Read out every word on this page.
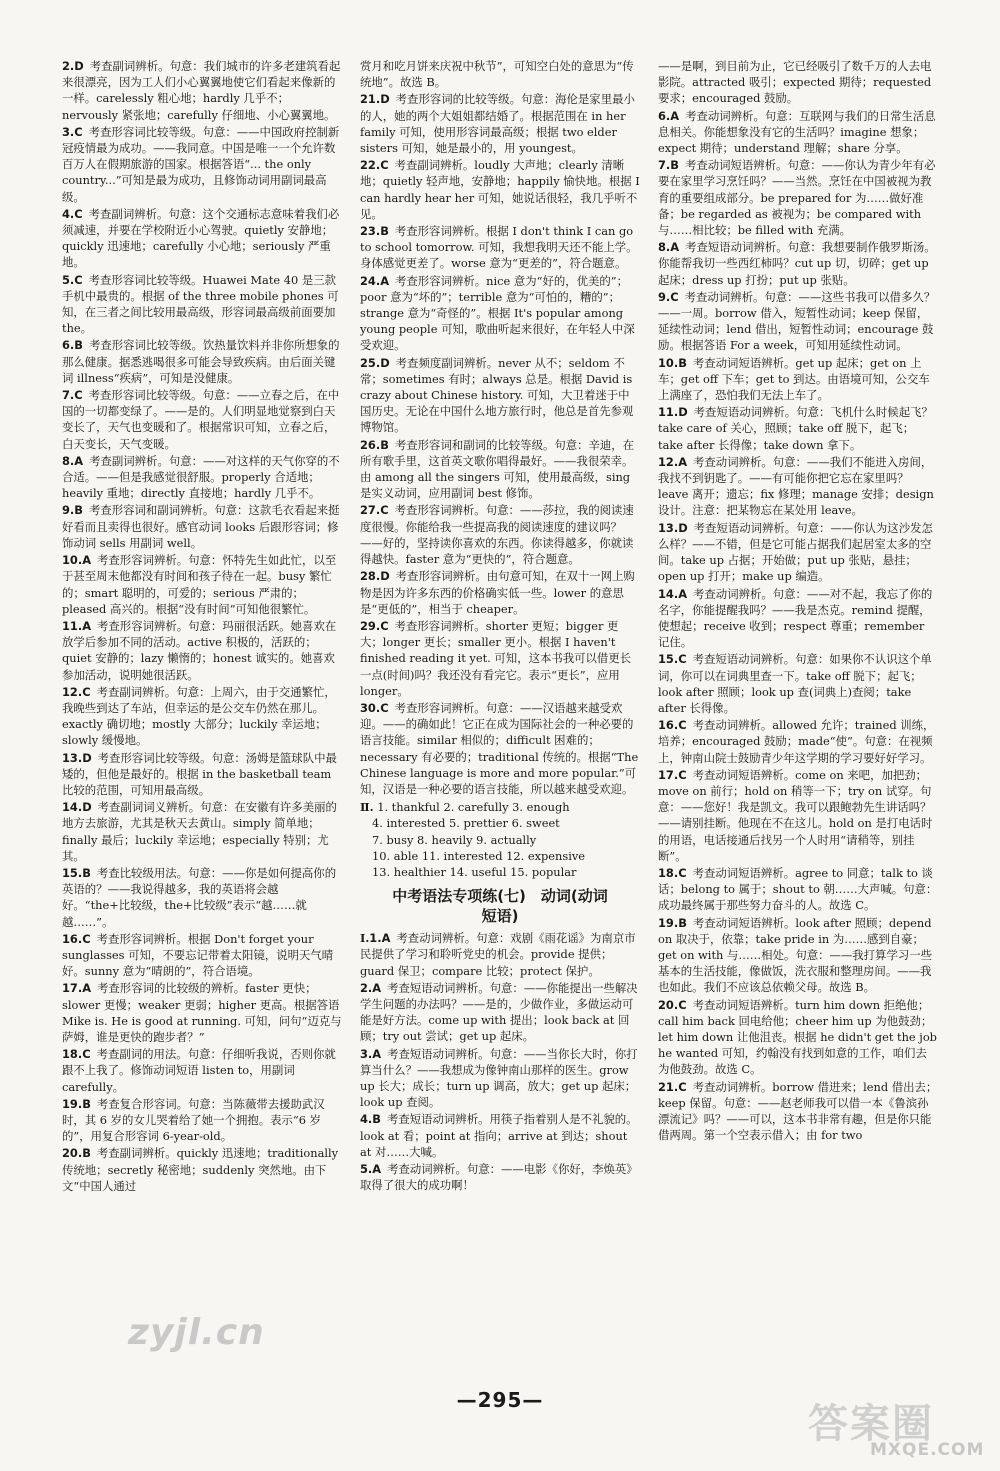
2.D 考查副词辨析。句意：我们城市的许多老建筑看起来很漂亮，因为工人们小心翼翼地使它们看起来像新的一样。carelessly 粗心地；hardly 几乎不；nervously 紧张地；carefully 仔细地、小心翼翼地。
3.C 考查形容词比较等级。句意：——中国政府控制新冠疫情最为成功。——我同意。中国是唯一一个允许数百万人在假期旅游的国家。根据答语“... the only country...”可知是最为成功，且修饰动词用副词最高级。
4.C 考查副词辨析。句意：这个交通标志意味着我们必须减速，并要在学校附近小心驾驶。quietly 安静地；quickly 迅速地；carefully 小心地；seriously 严重地。
5.C 考查形容词比较等级。Huawei Mate 40 是三款手机中最贵的。根据 of the three mobile phones 可知，在三者之间比较用最高级，形容词最高级前面要加 the。
6.B 考查形容词比较等级。饮热量饮料并非你所想象的那么健康。据悉逃喝很多可能会导致疾病。由后面关键词 illness“疾病”，可知是没健康。
7.C 考查形容词比较等级。句意：——立春之后，在中国的一切都变绿了。——是的。人们明显地觉察到白天变长了，天气也变暖和了。根据常识可知，立春之后，白天变长，天气变暖。
8.A 考查副词辨析。句意：——对这样的天气你穿的不合适。——但是我感觉很舒服。properly 合适地；heavily 重地；directly 直接地；hardly 几乎不。
9.B 考查形容词和副词辨析。句意：这款毛衣看起来挺好看而且卖得也很好。感官动词 looks 后跟形容词；修饰动词 sells 用副词 well。
10.A 考查形容词辨析。句意：怀特先生如此忙，以至于甚至周末他都没有时间和孩子待在一起。busy 繁忙的；smart 聪明的，可爱的；serious 严肃的；pleased 高兴的。根据“没有时间”可知他很繁忙。
11.A 考查形容词辨析。句意：玛丽很活跃。她喜欢在放学后参加不同的活动。active 积极的，活跃的；quiet 安静的；lazy 懒惰的；honest 诚实的。她喜欢参加活动，说明她很活跃。
12.C 考查副词辨析。句意：上周六，由于交通繁忙，我晚些到达了车站，但幸运的是公交车仍然在那儿。exactly 确切地；mostly 大部分；luckily 幸运地；slowly 缓慢地。
13.D 考查形容词比较等级。句意：汤姆是篮球队中最矮的，但他是最好的。根据 in the basketball team 比较的范围，可知用最高级。
14.D 考查副词词义辨析。句意：在安徽有许多美丽的地方去旅游，尤其是秋天去黄山。simply 简单地；finally 最后；luckily 幸运地；especially 特别；尤其。
15.B 考查比较级用法。句意：——你是如何提高你的英语的？——我说得越多，我的英语将会越好。“the+比较级，the+比较级”表示“越……就越……”。
16.C 考查形容词辨析。根据 Don't forget your sunglasses 可知，不要忘记带着太阳镜，说明天气晴好。sunny 意为“晴朗的”，符合语境。
17.A 考查形容词的比较级的辨析。faster 更快；slower 更慢；weaker 更弱；higher 更高。根据答语 Mike is. He is good at running. 可知，问句“迈克与萨姆，谁是更快的跑步者？”
18.C 考查副词的用法。句意：仔细听我说，否则你就跟不上我了。修饰动词短语 listen to，用副词 carefully。
19.B 考查复合形容词。句意：当陈薇带去援助武汉时，其 6 岁的女儿哭着给了她一个拥抱。表示“6 岁的”，用复合形容词 6-year-old。
20.B 考查副词辨析。quickly 迅速地；traditionally 传统地；secretly 秘密地；suddenly 突然地。由下文“中国人通过
赏月和吃月饼来庆祝中秋节”，可知空白处的意思为“传统地”。故选 B。
21.D 考查形容词的比较等级。句意：海伦是家里最小的人，她的两个大姐姐都结婚了。根据范围在 in her family 可知，使用形容词最高级；根据 two elder sisters 可知，她是最小的，用 youngest。
22.C 考查副词辨析。loudly 大声地；clearly 清晰地；quietly 轻声地，安静地；happily 愉快地。根据 I can hardly hear her 可知，她说话很轻，我几乎听不见。
23.B 考查形容词辨析。根据 I don't think I can go to school tomorrow. 可知，我想我明天还不能上学。身体感觉更差了。worse 意为“更差的”，符合题意。
24.A 考查形容词辨析。nice 意为“好的，优美的”；poor 意为“坏的”；terrible 意为“可怕的，糟的”；strange 意为“奇怪的”。根据 It's popular among young people 可知，歌曲听起来很好，在年轻人中深受欢迎。
25.D 考查频度副词辨析。never 从不；seldom 不常；sometimes 有时；always 总是。根据 David is crazy about Chinese history. 可知，大卫着迷于中国历史。无论在中国什么地方旅行时，他总是首先参观博物馆。
26.B 考查形容词和副词的比较等级。句意：辛迪，在所有歌手里，这首英文歌你唱得最好。——我很荣幸。由 among all the singers 可知，使用最高级，sing 是实义动词，应用副词 best 修饰。
27.C 考查形容词辨析。句意：——莎拉，我的阅读速度很慢。你能给我一些提高我的阅读速度的建议吗？——好的，坚持读你喜欢的东西。你读得越多，你就读得越快。faster 意为“更快的”，符合题意。
28.D 考查形容词辨析。由句意可知，在双十一网上购物是因为许多东西的价格确实低一些。lower 的意思是“更低的”，相当于 cheaper。
29.C 考查形容词辨析。shorter 更短；bigger 更大；longer 更长；smaller 更小。根据 I haven't finished reading it yet. 可知，这本书我可以借更长一点(时间)吗？我还没有看完它。表示“更长”，应用 longer。
30.C 考查形容词辨析。句意：——汉语越来越受欢迎。——的确如此！它正在成为国际社会的一种必要的语言技能。similar 相似的；difficult 困难的；necessary 有必要的；traditional 传统的。根据“The Chinese language is more and more popular.”可知，汉语是一种必要的语言技能，所以越来越受欢迎。
Ⅱ. 1. thankful 2. carefully 3. enough
4. interested 5. prettier 6. sweet
7. busy 8. heavily 9. actually
10. able 11. interested 12. expensive
13. healthier 14. useful 15. popular
中考语法专项练(七)　动词(动词
短语)
Ⅰ.1.A 考查动词辨析。句意：戏剧《雨花谣》为南京市民提供了学习和聆听党史的机会。provide 提供；guard 保卫；compare 比较；protect 保护。
2.A 考查短语动词辨析。句意：——你能提出一些解决学生问题的办法吗？——是的，少做作业，多做运动可能是好方法。come up with 提出；look back at 回顾；try out 尝试；get up 起床。
3.A 考查短语动词辨析。句意：——当你长大时，你打算当什么？——我想成为像钟南山那样的医生。grow up 长大；成长；turn up 调高，放大；get up 起床；look up 查阅。
4.B 考查短语动词辨析。用筷子指着别人是不礼貌的。look at 看；point at 指向；arrive at 到达；shout at 对……大喊。
5.A 考查动词辨析。句意：——电影《你好，李焕英》取得了很大的成功啊！
——是啊，到目前为止，它已经吸引了数千万的人去电影院。attracted 吸引；expected 期待；requested 要求；encouraged 鼓励。
6.A 考查动词辨析。句意：互联网与我们的日常生活息息相关。你能想象没有它的生活吗？imagine 想象；expect 期待；understand 理解；share 分享。
7.B 考查动词短语辨析。句意：——你认为青少年有必要在家里学习烹饪吗？——当然。烹饪在中国被视为教育的重要组成部分。be prepared for 为……做好准备；be regarded as 被视为；be compared with 与……相比较；be filled with 充满。
8.A 考查短语动词辨析。句意：我想要制作俄罗斯汤。你能帮我切一些西红柿吗？cut up 切，切碎；get up 起床；dress up 打扮；put up 张贴。
9.C 考查动词辨析。句意：——这些书我可以借多久？——一周。borrow 借入，短暂性动词；keep 保留，延续性动词；lend 借出，短暂性动词；encourage 鼓励。根据答语 For a week，可知用延续性动词。
10.B 考查动词短语辨析。get up 起床；get on 上车；get off 下车；get to 到达。由语境可知，公交车上满座了，恐怕我们无法上车了。
11.D 考查短语动词辨析。句意：飞机什么时候起飞？take care of 关心，照顾；take off 脱下，起飞；take after 长得像；take down 拿下。
12.A 考查动词辨析。句意：——我们不能进入房间，我找不到钥匙了。——有可能你把它忘在家里吗？leave 离开；遗忘；fix 修理；manage 安排；design 设计。注意：把某物忘在某处用 leave。
13.D 考查短语动词辨析。句意：——你认为这沙发怎么样？——不错，但是它可能占据我们起居室太多的空间。take up 占据；开始做；put up 张贴，悬挂；open up 打开；make up 编造。
14.A 考查动词辨析。句意：——对不起，我忘了你的名字，你能提醒我吗？——我是杰克。remind 提醒，使想起；receive 收到；respect 尊重；remember 记住。
15.C 考查短语动词辨析。句意：如果你不认识这个单词，你可以在词典里查一下。take off 脱下；起飞；look after 照顾；look up 查(词典上)查阅；take after 长得像。
16.C 考查动词辨析。allowed 允许；trained 训练，培养；encouraged 鼓励；made“使”。句意：在视频上，钟南山院士鼓励青少年这学期的学习要好好学习。
17.C 考查动词短语辨析。come on 来吧，加把劲；move on 前行；hold on 稍等一下；try on 试穿。句意：——您好！我是凯文。我可以跟鲍勃先生讲话吗？——请别挂断。他现在不在这儿。hold on 是打电话时的用语，电话接通后找另一个人时用“请稍等，别挂断”。
18.C 考查动词短语辨析。agree to 同意；talk to 谈话；belong to 属于；shout to 朝……大声喊。句意：成功最终属于那些努力奋斗的人。故选 C。
19.B 考查动词短语辨析。look after 照顾；depend on 取决于，依靠；take pride in 为……感到自豪；get on with 与……相处。句意：——我打算学习一些基本的生活技能，像做饭，洗衣服和整理房间。——我也如此。我们不应该总依赖父母。故选 B。
20.C 考查动词短语辨析。turn him down 拒绝他；call him back 回电给他；cheer him up 为他鼓劲；let him down 让他沮丧。根据 he didn't get the job he wanted 可知，约翰没有找到如意的工作，咱们去为他鼓劲。故选 C。
21.C 考查动词辨析。borrow 借进来；lend 借出去；keep 保留。句意：——赵老师我可以借一本《鲁滨孙漂流记》吗？——可以，这本书非常有趣，但是你只能借两周。第一个空表示借入；由 for two
—295—
zyjl.cn
答案圈
MXQE.COM
